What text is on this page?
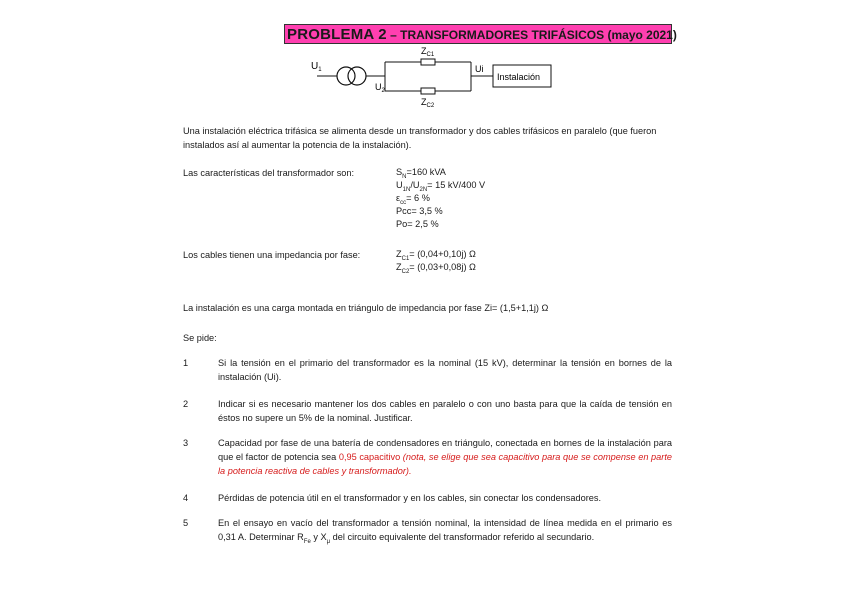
PROBLEMA 2 – TRANSFORMADORES TRIFÁSICOS (mayo 2021)
$U_1$
$U_2$
$Z_{C1}$
$Z_{C2}$
Ui
Instalación
Una instalación eléctrica trifásica se alimenta desde un transformador y dos cables trifásicos en paralelo (que fueron instalados así al aumentar la potencia de la instalación).
Las características del transformador son:	$S_N=160$ kVA
$U_{1N}/U_{2N}= 15$ kV/400 V
$\varepsilon_{cc}= 6$ %
Pcc= 3,5 %
Po= 2,5 %
Los cables tienen una impedancia por fase:	$Z_{C1}= (0,04+0,10j)$ Ω
$Z_{C2}= (0,03+0,08j)$ Ω
La instalación es una carga montada en triángulo de impedancia por fase Zi= (1,5+1,1j) Ω
Se pide:
1	Si la tensión en el primario del transformador es la nominal (15 kV), determinar la tensión en bornes de la instalación (Ui).
2	Indicar si es necesario mantener los dos cables en paralelo o con uno basta para que la caída de tensión en éstos no supere un 5% de la nominal. Justificar.
3	Capacidad por fase de una batería de condensadores en triángulo, conectada en bornes de la instalación para que el factor de potencia sea 0,95 capacitivo (nota, se elige que sea capacitivo para que se compense en parte la potencia reactiva de cables y transformador).
4	Pérdidas de potencia útil en el transformador y en los cables, sin conectar los condensadores.
5	En el ensayo en vacío del transformador a tensión nominal, la intensidad de línea medida en el primario es 0,31 A. Determinar $R_{Fe}$ y $X_\mu$ del circuito equivalente del transformador referido al secundario.
